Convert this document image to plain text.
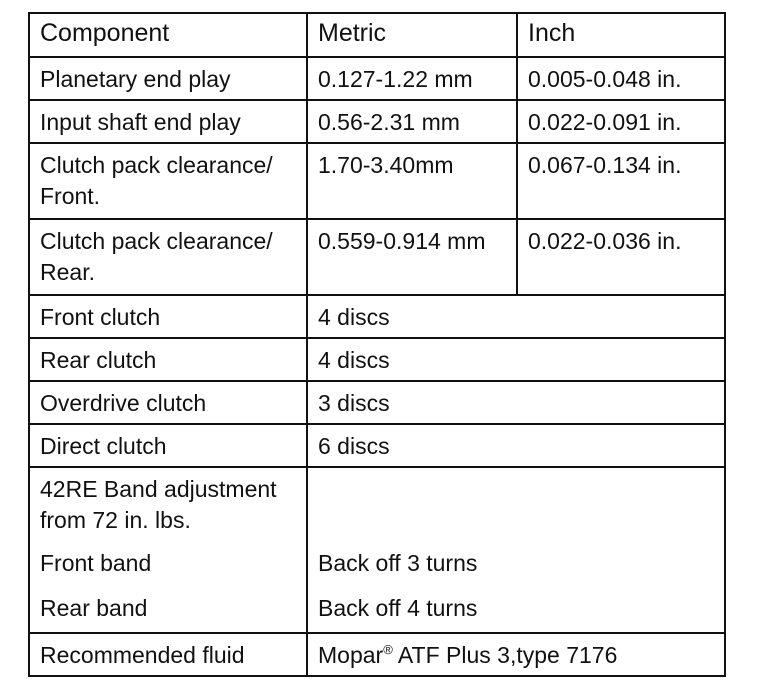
Component	Metric	Inch
Planetary end play	0.127-1.22 mm	0.005-0.048 in.
Input shaft end play	0.56-2.31 mm	0.022-0.091 in.

Clutch pack clearance/
Front.	1.70-3.40mm	0.067-0.134 in.

Clutch pack clearance/
Rear.	0.559-0.914 mm	0.022-0.036 in.
Front clutch	4 discs	
Rear clutch	4 discs	
Overdrive clutch	3 discs	
Direct clutch	6 discs	

42RE Band adjustment
from 72 in. lbs.		

Front band	Back off 3 turns	
Rear band	Back off 4 turns	
Recommended fluid	Mopar® ATF Plus 3,type 7176	
